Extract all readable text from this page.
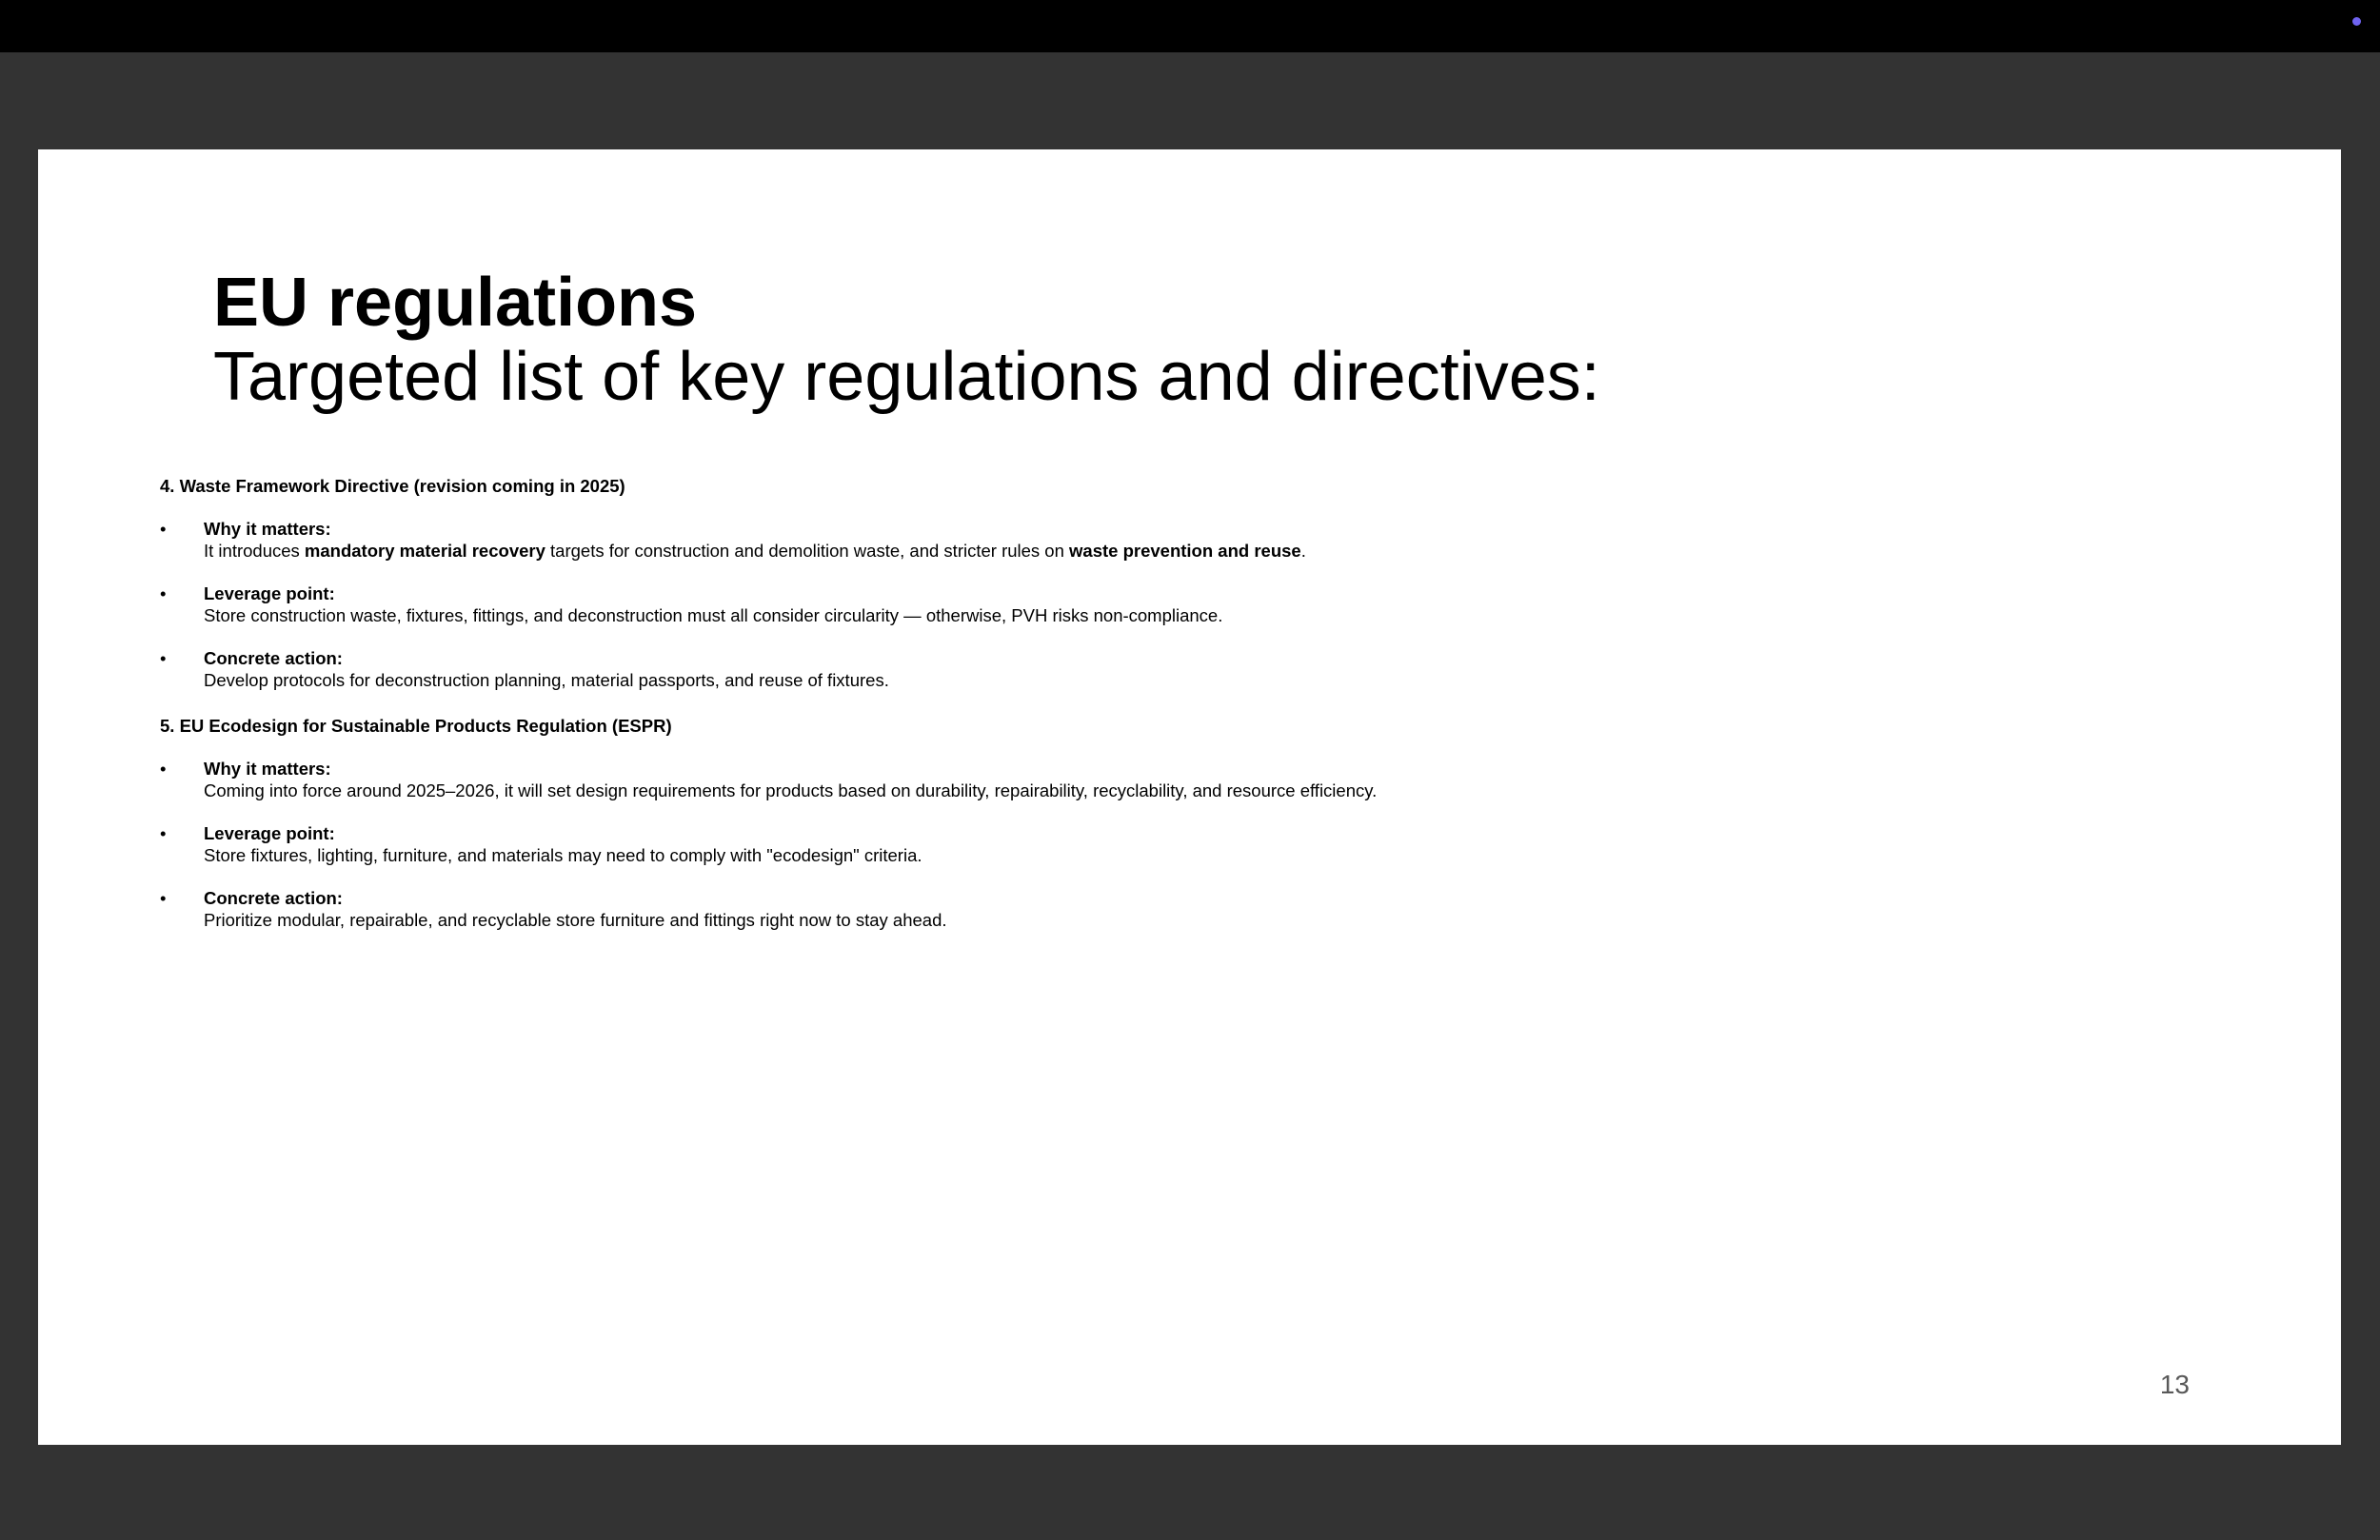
EU regulations
Targeted list of key regulations and directives:

4. Waste Framework Directive (revision coming in 2025)

• Why it matters:
It introduces mandatory material recovery targets for construction and demolition waste, and stricter rules on waste prevention and reuse.
• Leverage point:
Store construction waste, fixtures, fittings, and deconstruction must all consider circularity — otherwise, PVH risks non-compliance.
• Concrete action:
Develop protocols for deconstruction planning, material passports, and reuse of fixtures.

5. EU Ecodesign for Sustainable Products Regulation (ESPR)

• Why it matters:
Coming into force around 2025–2026, it will set design requirements for products based on durability, repairability, recyclability, and resource efficiency.
• Leverage point:
Store fixtures, lighting, furniture, and materials may need to comply with "ecodesign" criteria.
• Concrete action:
Prioritize modular, repairable, and recyclable store furniture and fittings right now to stay ahead.
13
